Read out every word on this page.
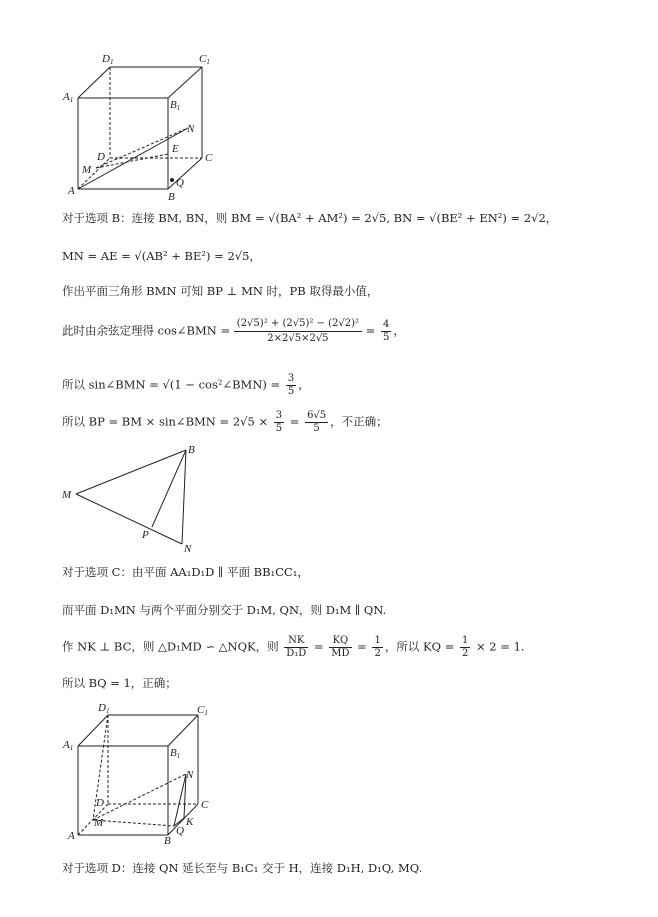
D1	C1
A1	B1
N
E
C
D
M
A	B
Q
对于选项 B：连接 BM, BN，则 BM = √(BA² + AM²) = 2√5, BN = √(BE² + EN²) = 2√2，
MN = AE = √(AB² + BE²) = 2√5，
作出平面三角形 BMN 可知 BP ⊥ MN 时，PB 取得最小值，
此时由余弦定理得 cos∠BMN = $\frac{\text{(2√5)² + (2√5)² − (2√2)²}}{2\times 2√5\times 2√5} = \frac{4}{5}$ ，
所以 sin∠BMN = √(1 − cos²∠BMN) = $\frac{3}{5}$ ，
所以 BP = BM × sin∠BMN = $2√5 \times \frac{3}{5} = \frac{6√5}{5}$ ，不正确；
B
M
P
N
对于选项 C：由平面 AA₁D₁D ∥ 平面 BB₁CC₁，
而平面 D₁MN 与两个平面分别交于 D₁M, QN，则 D₁M ∥ QN.
作 NK ⊥ BC，则 △D₁MD ∽ △NQK，则 $\frac{NK}{\text{D₁D}} = \frac{KQ}{MD} = \frac{1}{2}$ ，所以 KQ = $\frac{1}{2} \times 2 = 1$.
所以 BQ = 1，正确；
D1	C1
A1	B1
N
D	C
A
M
B
Q
K
对于选项 D：连接 QN 延长至与 B₁C₁ 交于 H，连接 D₁H, D₁Q, MQ.
